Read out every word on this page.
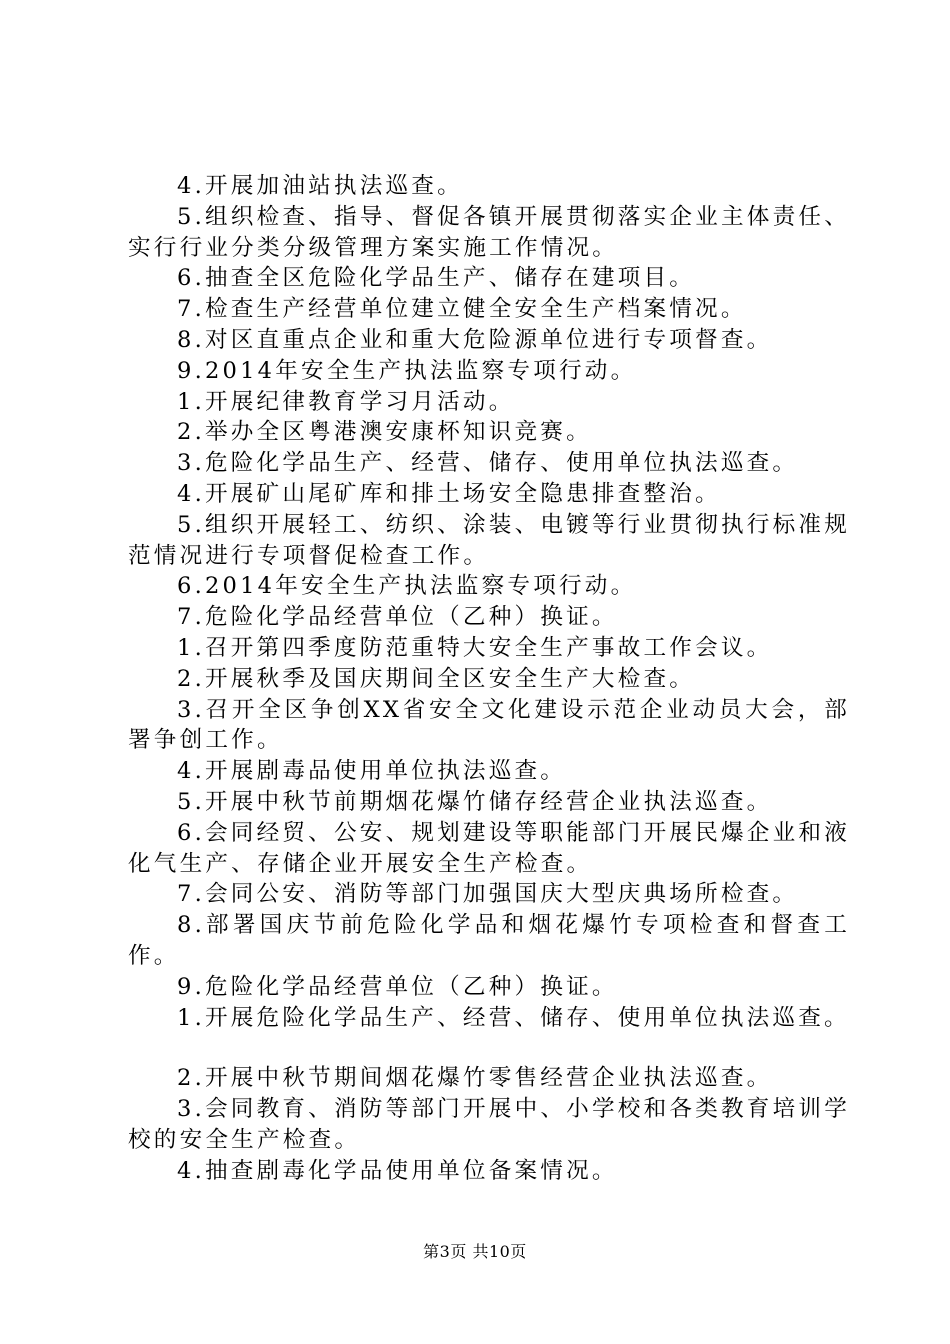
4.开展加油站执法巡查。

5.组织检查、指导、督促各镇开展贯彻落实企业主体责任、实行行业分类分级管理方案实施工作情况。

6.抽查全区危险化学品生产、储存在建项目。

7.检查生产经营单位建立健全安全生产档案情况。

8.对区直重点企业和重大危险源单位进行专项督查。

9.2014年安全生产执法监察专项行动。

1.开展纪律教育学习月活动。

2.举办全区粤港澳安康杯知识竞赛。

3.危险化学品生产、经营、储存、使用单位执法巡查。

4.开展矿山尾矿库和排土场安全隐患排查整治。

5.组织开展轻工、纺织、涂装、电镀等行业贯彻执行标准规范情况进行专项督促检查工作。

6.2014年安全生产执法监察专项行动。

7.危险化学品经营单位（乙种）换证。

1.召开第四季度防范重特大安全生产事故工作会议。

2.开展秋季及国庆期间全区安全生产大检查。

3.召开全区争创XX省安全文化建设示范企业动员大会，部署争创工作。

4.开展剧毒品使用单位执法巡查。

5.开展中秋节前期烟花爆竹储存经营企业执法巡查。

6.会同经贸、公安、规划建设等职能部门开展民爆企业和液化气生产、存储企业开展安全生产检查。

7.会同公安、消防等部门加强国庆大型庆典场所检查。

8.部署国庆节前危险化学品和烟花爆竹专项检查和督查工作。

9.危险化学品经营单位（乙种）换证。

1.开展危险化学品生产、经营、储存、使用单位执法巡查。

2.开展中秋节期间烟花爆竹零售经营企业执法巡查。

3.会同教育、消防等部门开展中、小学校和各类教育培训学校的安全生产检查。

4.抽查剧毒化学品使用单位备案情况。

第3页 共10页
